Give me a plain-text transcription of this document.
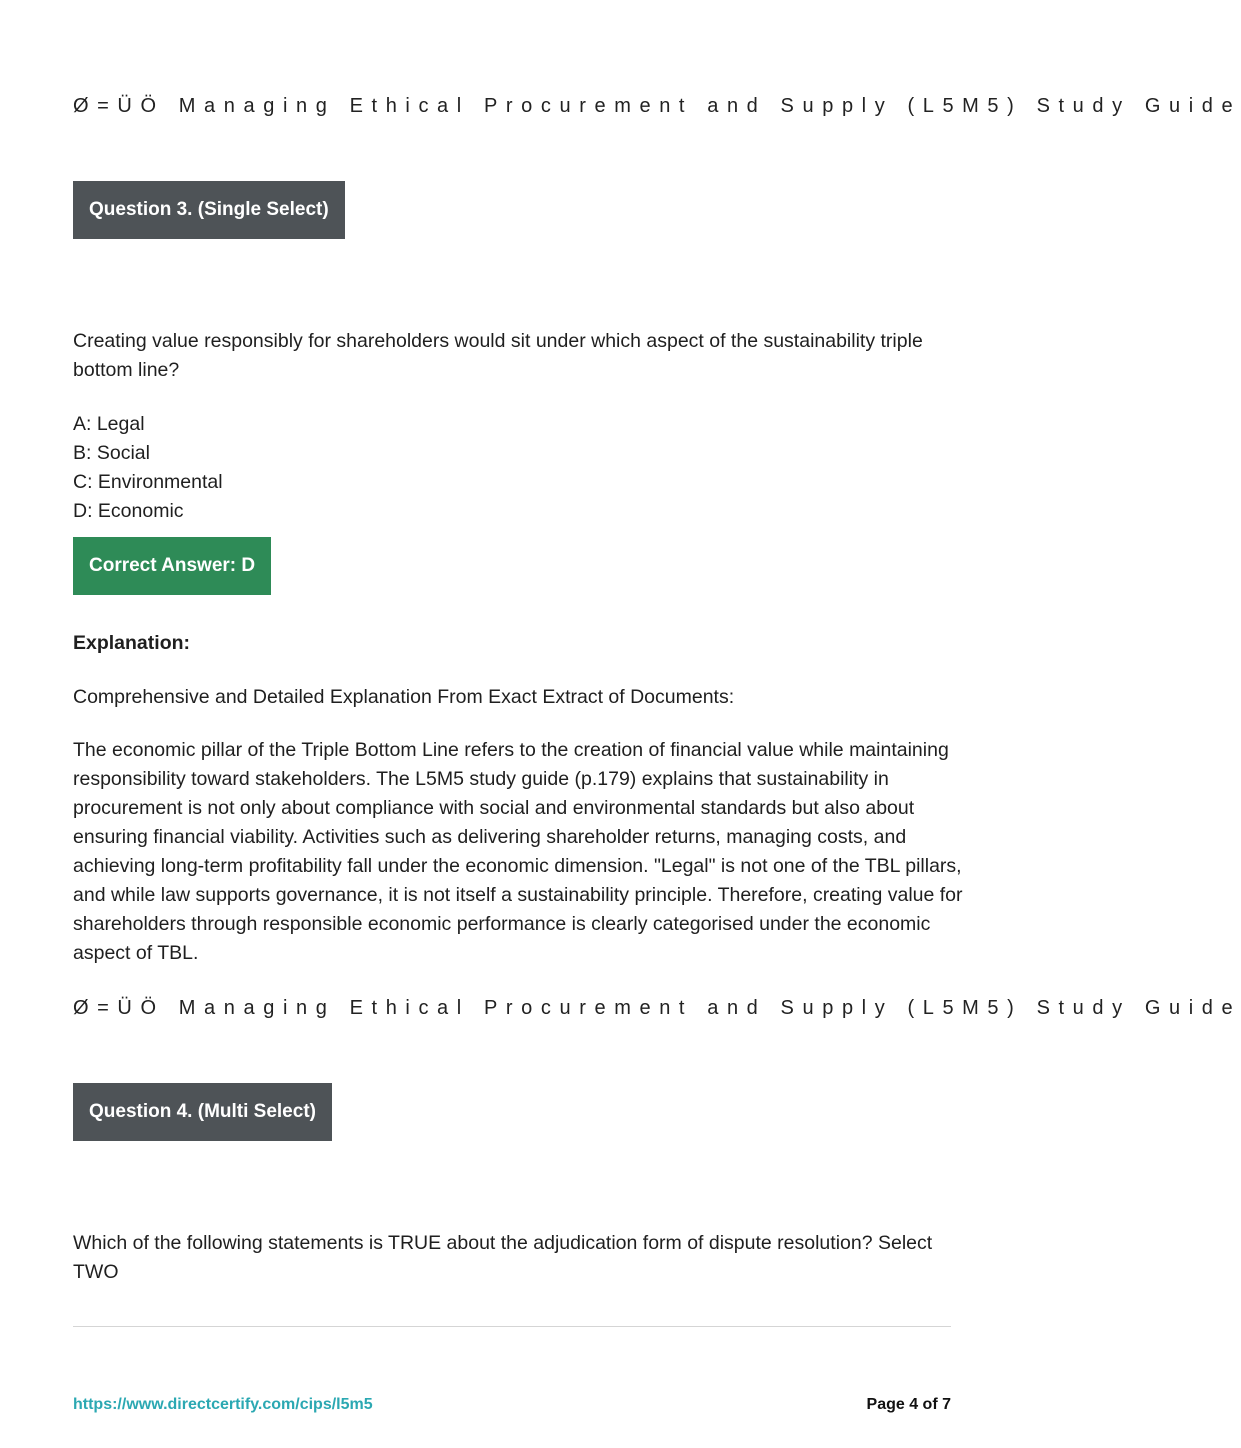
Ø=ÜÖ Managing Ethical Procurement and Supply (L5M5) Study Guide
Question 3. (Single Select)

Creating value responsibly for shareholders would sit under which aspect of the sustainability triple bottom line?

A: Legal
B: Social
C: Environmental
D: Economic
Correct Answer: D

Explanation:

Comprehensive and Detailed Explanation From Exact Extract of Documents:

The economic pillar of the Triple Bottom Line refers to the creation of financial value while maintaining responsibility toward stakeholders. The L5M5 study guide (p.179) explains that sustainability in procurement is not only about compliance with social and environmental standards but also about ensuring financial viability. Activities such as delivering shareholder returns, managing costs, and achieving long-term profitability fall under the economic dimension. "Legal" is not one of the TBL pillars, and while law supports governance, it is not itself a sustainability principle. Therefore, creating value for shareholders through responsible economic performance is clearly categorised under the economic aspect of TBL.

Ø=ÜÖ Managing Ethical Procurement and Supply (L5M5) Study Guide
Question 4. (Multi Select)

Which of the following statements is TRUE about the adjudication form of dispute resolution? Select TWO

https://www.directcertify.com/cips/l5m5	Page 4 of 7
